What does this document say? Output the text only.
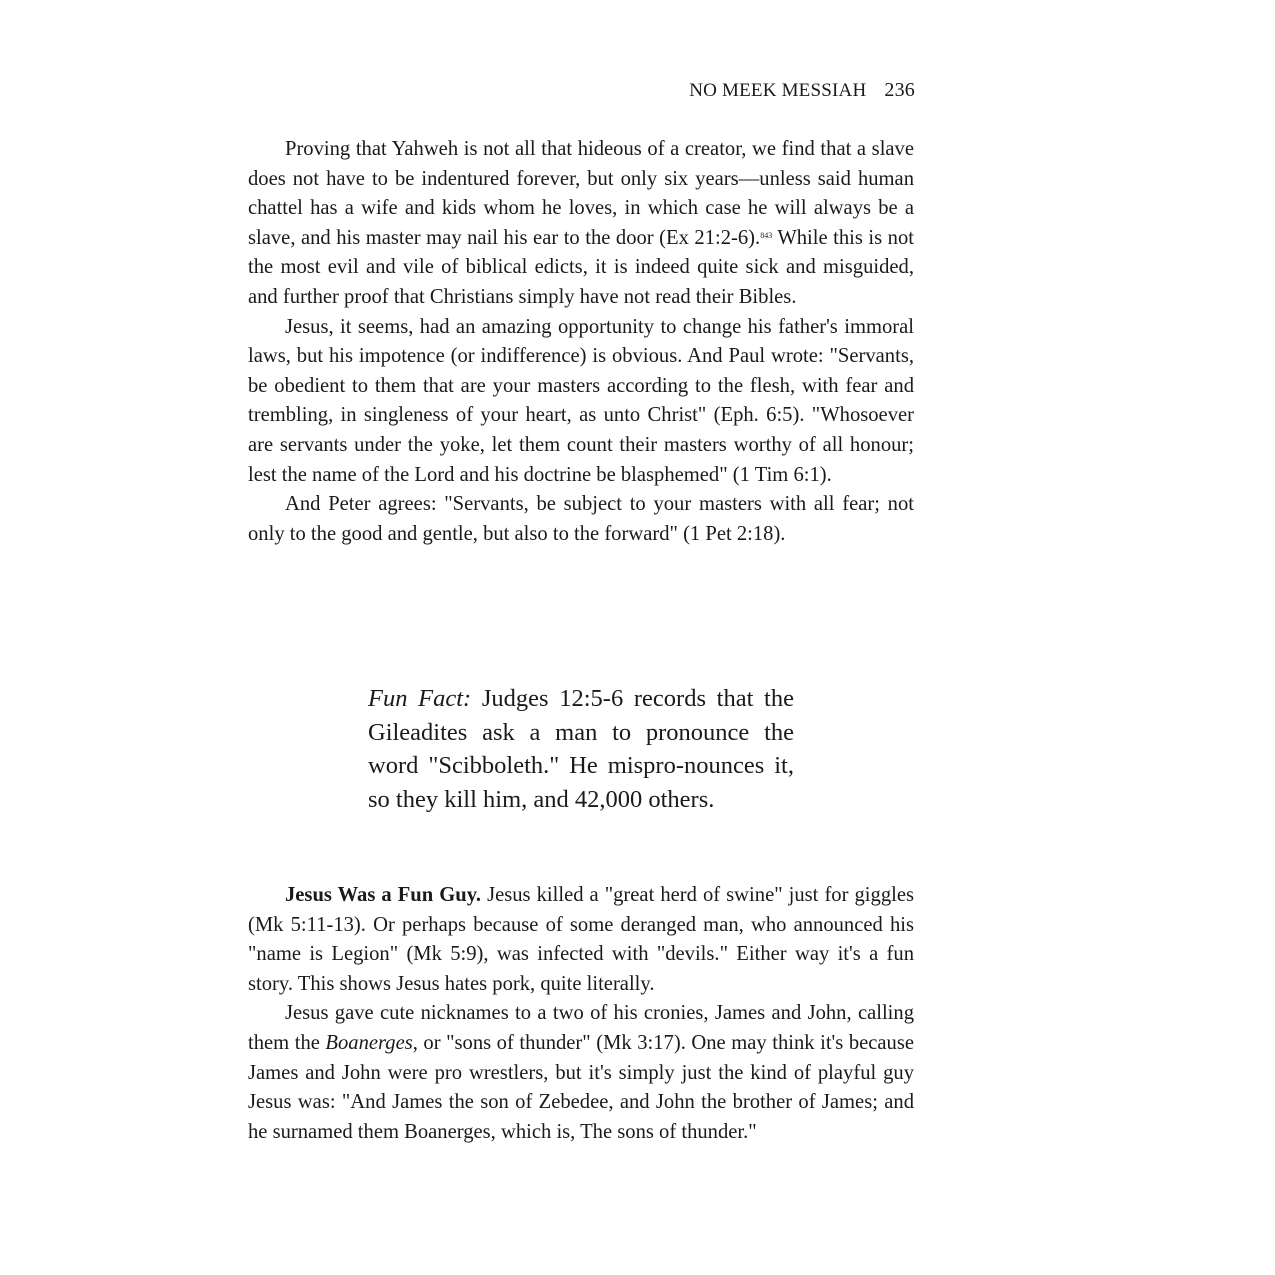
NO MEEK MESSIAH 236

Proving that Yahweh is not all that hideous of a creator, we find that a slave does not have to be indentured forever, but only six years—unless said human chattel has a wife and kids whom he loves, in which case he will always be a slave, and his master may nail his ear to the door (Ex 21:2-6).$^{843}$ While this is not the most evil and vile of biblical edicts, it is indeed quite sick and misguided, and further proof that Christians simply have not read their Bibles.

Jesus, it seems, had an amazing opportunity to change his father's immoral laws, but his impotence (or indifference) is obvious. And Paul wrote: "Servants, be obedient to them that are your masters according to the flesh, with fear and trembling, in singleness of your heart, as unto Christ" (Eph. 6:5). "Whosoever are servants under the yoke, let them count their masters worthy of all honour; lest the name of the Lord and his doctrine be blasphemed" (1 Tim 6:1).

And Peter agrees: "Servants, be subject to your masters with all fear; not only to the good and gentle, but also to the forward" (1 Pet 2:18).

Fun Fact: Judges 12:5-6 records that the Gileadites ask a man to pronounce the word "Scibboleth." He mispro-nounces it, so they kill him, and 42,000 others.

Jesus Was a Fun Guy. Jesus killed a "great herd of swine" just for giggles (Mk 5:11-13). Or perhaps because of some deranged man, who announced his "name is Legion" (Mk 5:9), was infected with "devils." Either way it's a fun story. This shows Jesus hates pork, quite literally.

Jesus gave cute nicknames to a two of his cronies, James and John, calling them the Boanerges, or "sons of thunder" (Mk 3:17). One may think it's because James and John were pro wrestlers, but it's simply just the kind of playful guy Jesus was: "And James the son of Zebedee, and John the brother of James; and he surnamed them Boanerges, which is, The sons of thunder."
